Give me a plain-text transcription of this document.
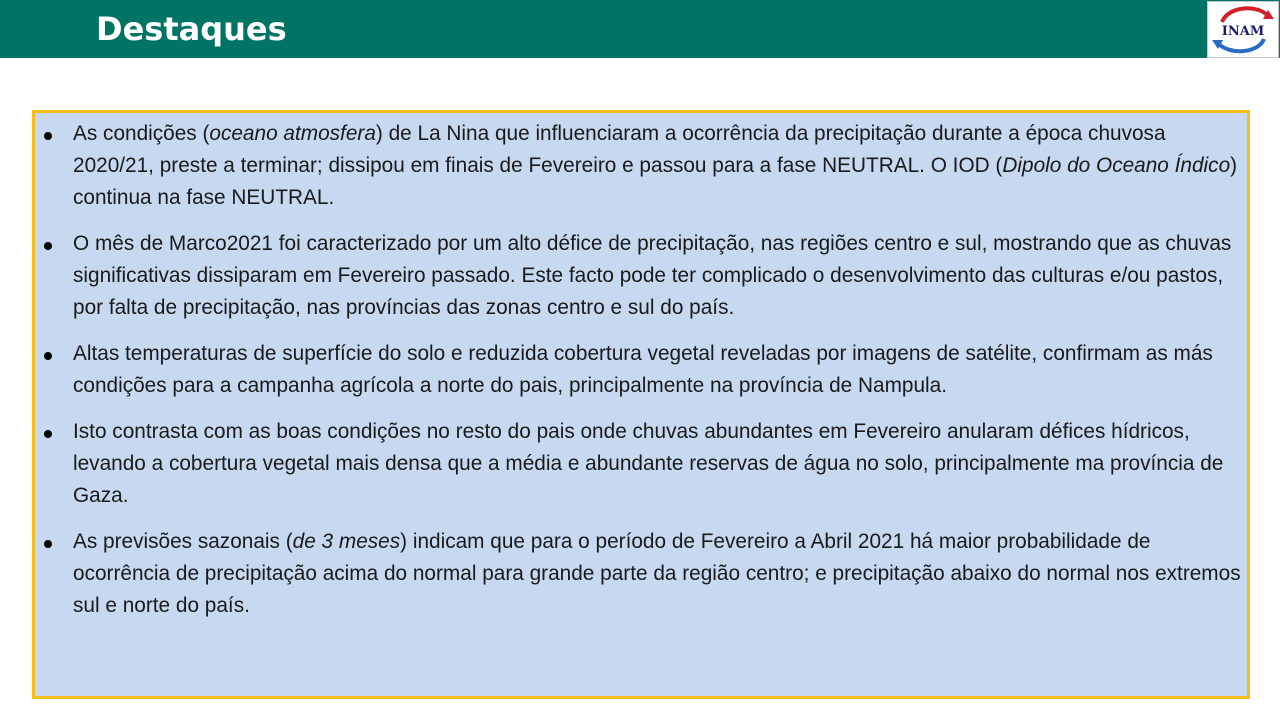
Destaques	INAM
As condições (oceano atmosfera) de La Nina que influenciaram a ocorrência da precipitação durante a época chuvosa 2020/21, preste a terminar; dissipou em finais de Fevereiro e passou para a fase NEUTRAL. O IOD (Dipolo do Oceano Índico) continua na fase NEUTRAL.
O mês de Marco2021 foi caracterizado por um alto défice de precipitação, nas regiões centro e sul, mostrando que as chuvas significativas dissiparam em Fevereiro passado. Este facto pode ter complicado o desenvolvimento das culturas e/ou pastos, por falta de precipitação, nas províncias das zonas centro e sul do país.
Altas temperaturas de superfície do solo e reduzida cobertura vegetal reveladas por imagens de satélite, confirmam as más condições para a campanha agrícola a norte do pais, principalmente na província de Nampula.
Isto contrasta com as boas condições no resto do pais onde chuvas abundantes em Fevereiro anularam défices hídricos, levando a cobertura vegetal mais densa que a média e abundante reservas de água no solo, principalmente ma província de Gaza.
As previsões sazonais (de 3 meses) indicam que para o período de Fevereiro a Abril 2021 há maior probabilidade de ocorrência de precipitação acima do normal para grande parte da região centro; e precipitação abaixo do normal nos extremos sul e norte do país.
